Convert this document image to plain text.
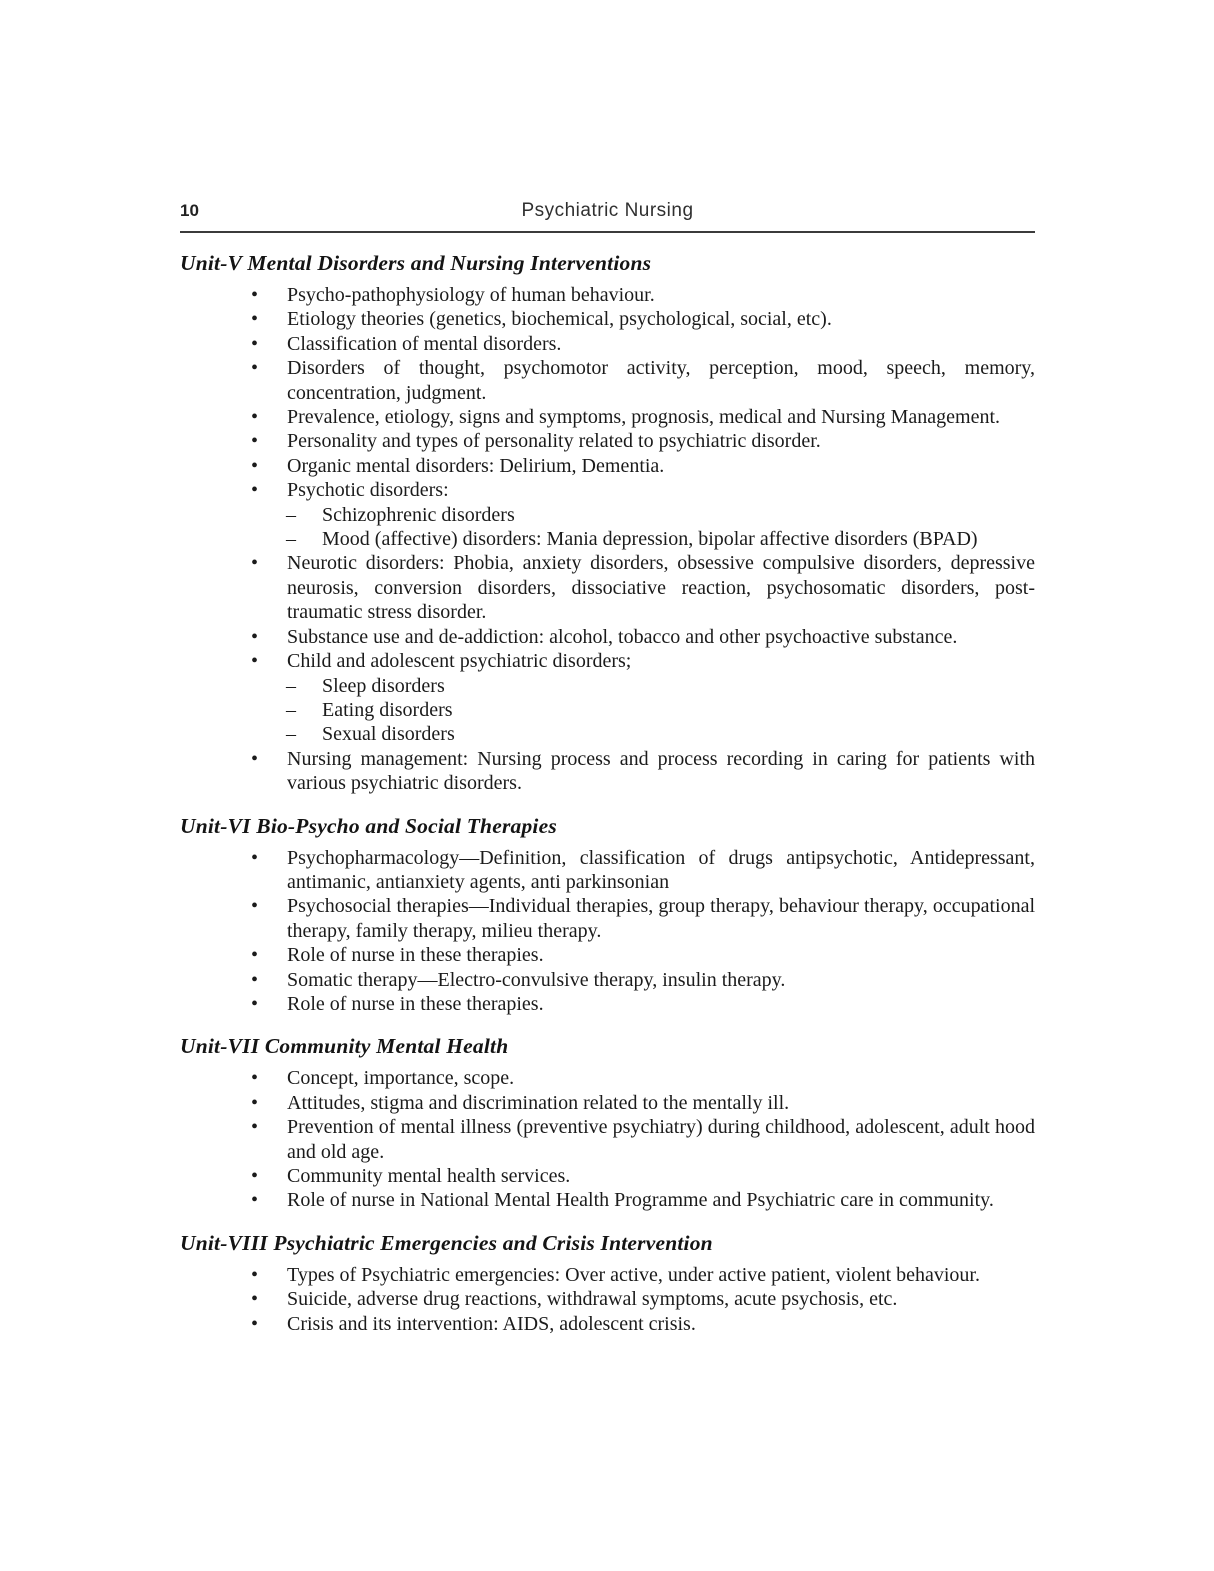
10	Psychiatric Nursing
Unit-V Mental Disorders and Nursing Interventions
• Psycho-pathophysiology of human behaviour.
• Etiology theories (genetics, biochemical, psychological, social, etc).
• Classification of mental disorders.
• Disorders of thought, psychomotor activity, perception, mood, speech, memory, concentration, judgment.
• Prevalence, etiology, signs and symptoms, prognosis, medical and Nursing Management.
• Personality and types of personality related to psychiatric disorder.
• Organic mental disorders: Delirium, Dementia.
• Psychotic disorders:
– Schizophrenic disorders
– Mood (affective) disorders: Mania depression, bipolar affective disorders (BPAD)
• Neurotic disorders: Phobia, anxiety disorders, obsessive compulsive disorders, depressive neurosis, conversion disorders, dissociative reaction, psychosomatic disorders, post-traumatic stress disorder.
• Substance use and de-addiction: alcohol, tobacco and other psychoactive substance.
• Child and adolescent psychiatric disorders;
– Sleep disorders
– Eating disorders
– Sexual disorders
• Nursing management: Nursing process and process recording in caring for patients with various psychiatric disorders.
Unit-VI Bio-Psycho and Social Therapies
• Psychopharmacology—Definition, classification of drugs antipsychotic, Antidepressant, antimanic, antianxiety agents, anti parkinsonian
• Psychosocial therapies—Individual therapies, group therapy, behaviour therapy, occupational therapy, family therapy, milieu therapy.
• Role of nurse in these therapies.
• Somatic therapy—Electro-convulsive therapy, insulin therapy.
• Role of nurse in these therapies.
Unit-VII Community Mental Health
• Concept, importance, scope.
• Attitudes, stigma and discrimination related to the mentally ill.
• Prevention of mental illness (preventive psychiatry) during childhood, adolescent, adult hood and old age.
• Community mental health services.
• Role of nurse in National Mental Health Programme and Psychiatric care in community.
Unit-VIII Psychiatric Emergencies and Crisis Intervention
• Types of Psychiatric emergencies: Over active, under active patient, violent behaviour.
• Suicide, adverse drug reactions, withdrawal symptoms, acute psychosis, etc.
• Crisis and its intervention: AIDS, adolescent crisis.
